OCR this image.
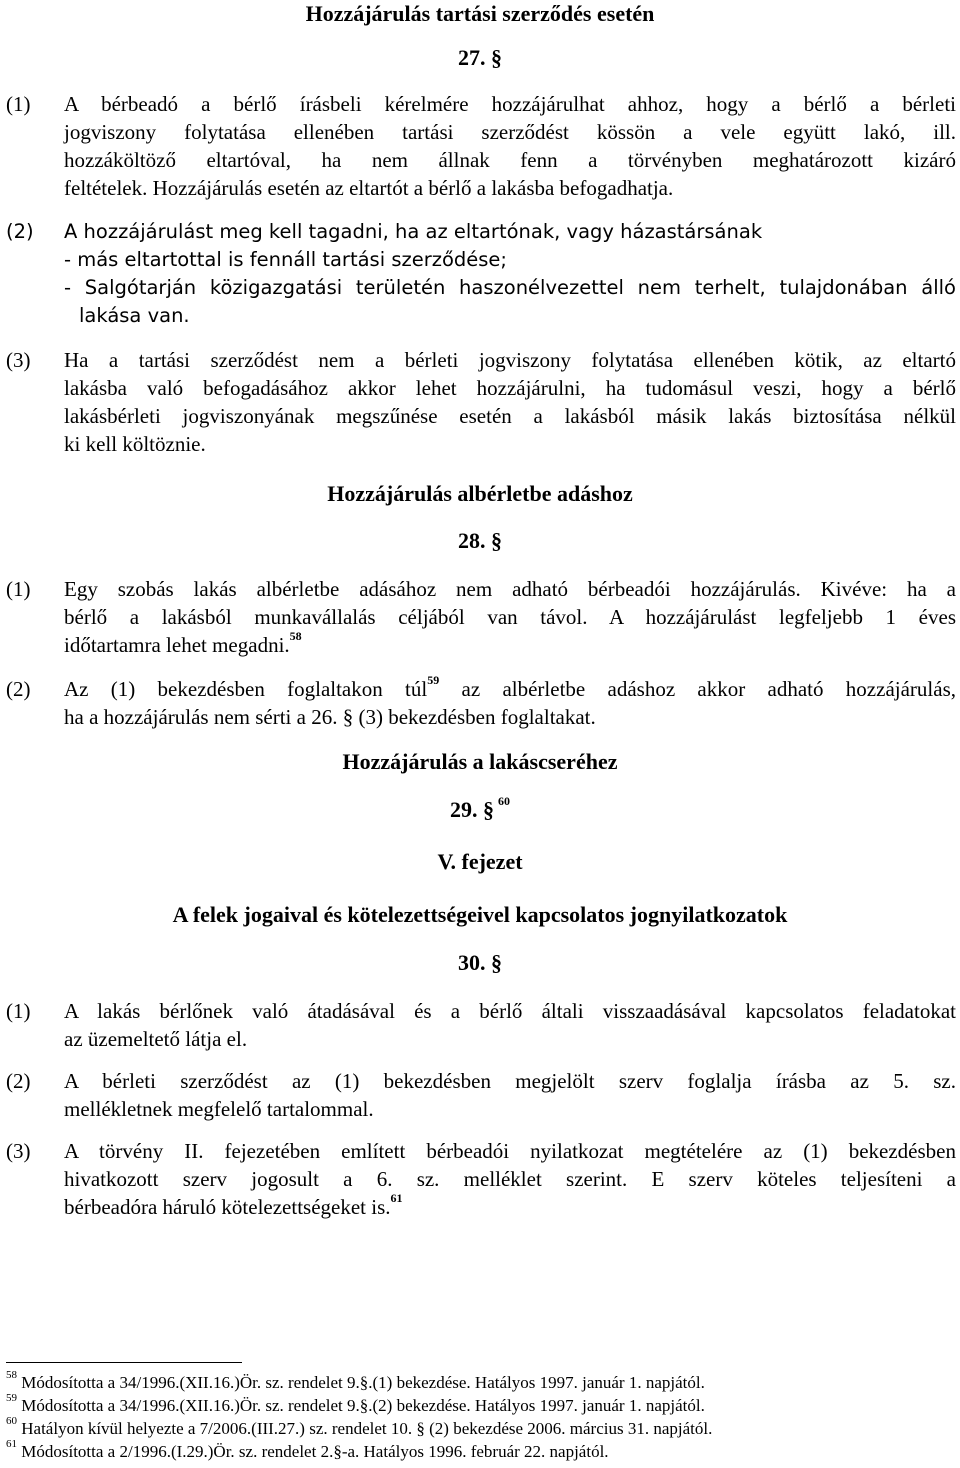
Hozzájárulás tartási szerződés esetén
27. §
(1) A bérbeadó a bérlő írásbeli kérelmére hozzájárulhat ahhoz, hogy a bérlő a bérleti
jogviszony folytatása ellenében tartási szerződést kössön a vele együtt lakó, ill.
hozzáköltöző eltartóval, ha nem állnak fenn a törvényben meghatározott kizáró
feltételek. Hozzájárulás esetén az eltartót a bérlő a lakásba befogadhatja.
(2) A hozzájárulást meg kell tagadni, ha az eltartónak, vagy házastársának
- más eltartottal is fennáll tartási szerződése;
- Salgótarján közigazgatási területén haszonélvezettel nem terhelt, tulajdonában álló
lakása van.
(3) Ha a tartási szerződést nem a bérleti jogviszony folytatása ellenében kötik, az eltartó
lakásba való befogadásához akkor lehet hozzájárulni, ha tudomásul veszi, hogy a bérlő
lakásbérleti jogviszonyának megszűnése esetén a lakásból másik lakás biztosítása nélkül
ki kell költöznie.
Hozzájárulás albérletbe adáshoz
28. §
(1) Egy szobás lakás albérletbe adásához nem adható bérbeadói hozzájárulás. Kivéve: ha a
bérlő a lakásból munkavállalás céljából van távol. A hozzájárulást legfeljebb 1 éves
időtartamra lehet megadni.$^{58}$
(2) Az (1) bekezdésben foglaltakon túl$^{59}$ az albérletbe adáshoz akkor adható hozzájárulás,
ha a hozzájárulás nem sérti a 26. § (3) bekezdésben foglaltakat.
Hozzájárulás a lakáscseréhez
29. § $^{60}$
V. fejezet
A felek jogaival és kötelezettségeivel kapcsolatos jognyilatkozatok
30. §
(1) A lakás bérlőnek való átadásával és a bérlő általi visszaadásával kapcsolatos feladatokat
az üzemeltető látja el.
(2) A bérleti szerződést az (1) bekezdésben megjelölt szerv foglalja írásba az 5. sz.
mellékletnek megfelelő tartalommal.
(3) A törvény II. fejezetében említett bérbeadói nyilatkozat megtételére az (1) bekezdésben
hivatkozott szerv jogosult a 6. sz. melléklet szerint. E szerv köteles teljesíteni a
bérbeadóra háruló kötelezettségeket is.$^{61}$
$^{58}$ Módosította a 34/1996.(XII.16.)Ör. sz. rendelet 9.§.(1) bekezdése. Hatályos 1997. január 1. napjától.
$^{59}$ Módosította a 34/1996.(XII.16.)Ör. sz. rendelet 9.§.(2) bekezdése. Hatályos 1997. január 1. napjától.
$^{60}$ Hatályon kívül helyezte a 7/2006.(III.27.) sz. rendelet 10. § (2) bekezdése 2006. március 31. napjától.
$^{61}$ Módosította a 2/1996.(I.29.)Ör. sz. rendelet 2.§-a. Hatályos 1996. február 22. napjától.
